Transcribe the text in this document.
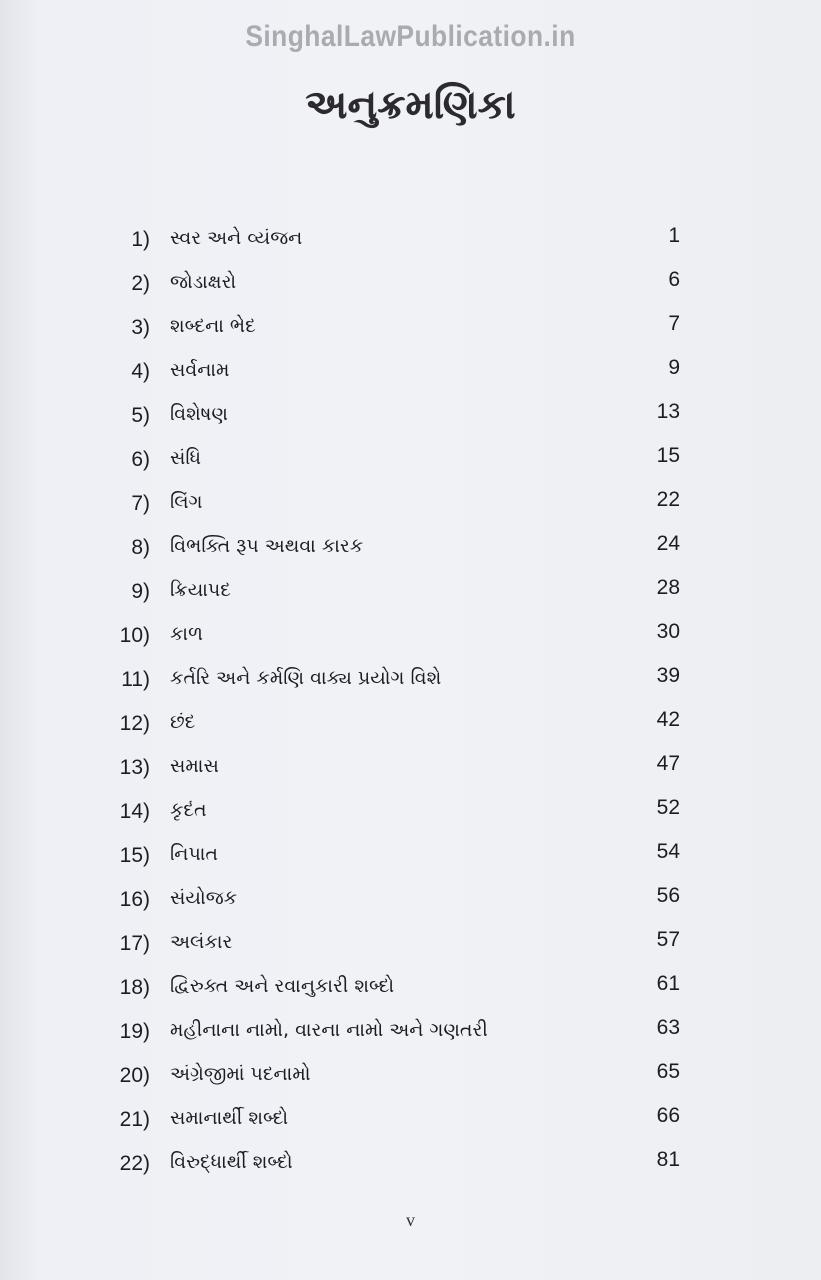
SinghalLawPublication.in
અનુક્રમણિકા
1) સ્વર અને વ્યંજન	1
2) જોડાક્ષરો	6
3) શબ્દના ભેદ	7
4) સર્વનામ	9
5) વિશેષણ	13
6) સંધિ	15
7) લિંગ	22
8) વિભક્તિ રૂપ અથવા કારક	24
9) ક્રિયાપદ	28
10) કાળ	30
11) કર્તરિ અને કર્મણિ વાક્ય પ્રયોગ વિશે	39
12) છંદ	42
13) સમાસ	47
14) કૃદંત	52
15) નિપાત	54
16) સંયોજક	56
17) અલંકાર	57
18) દ્વિરુક્ત અને રવાનુકારી શબ્દો	61
19) મહીનાના નામો, વારના નામો અને ગણતરી	63
20) અંગ્રેજીમાં પદનામો	65
21) સમાનાર્થી શબ્દો	66
22) વિરુદ્ધાર્થી શબ્દો	81
v
